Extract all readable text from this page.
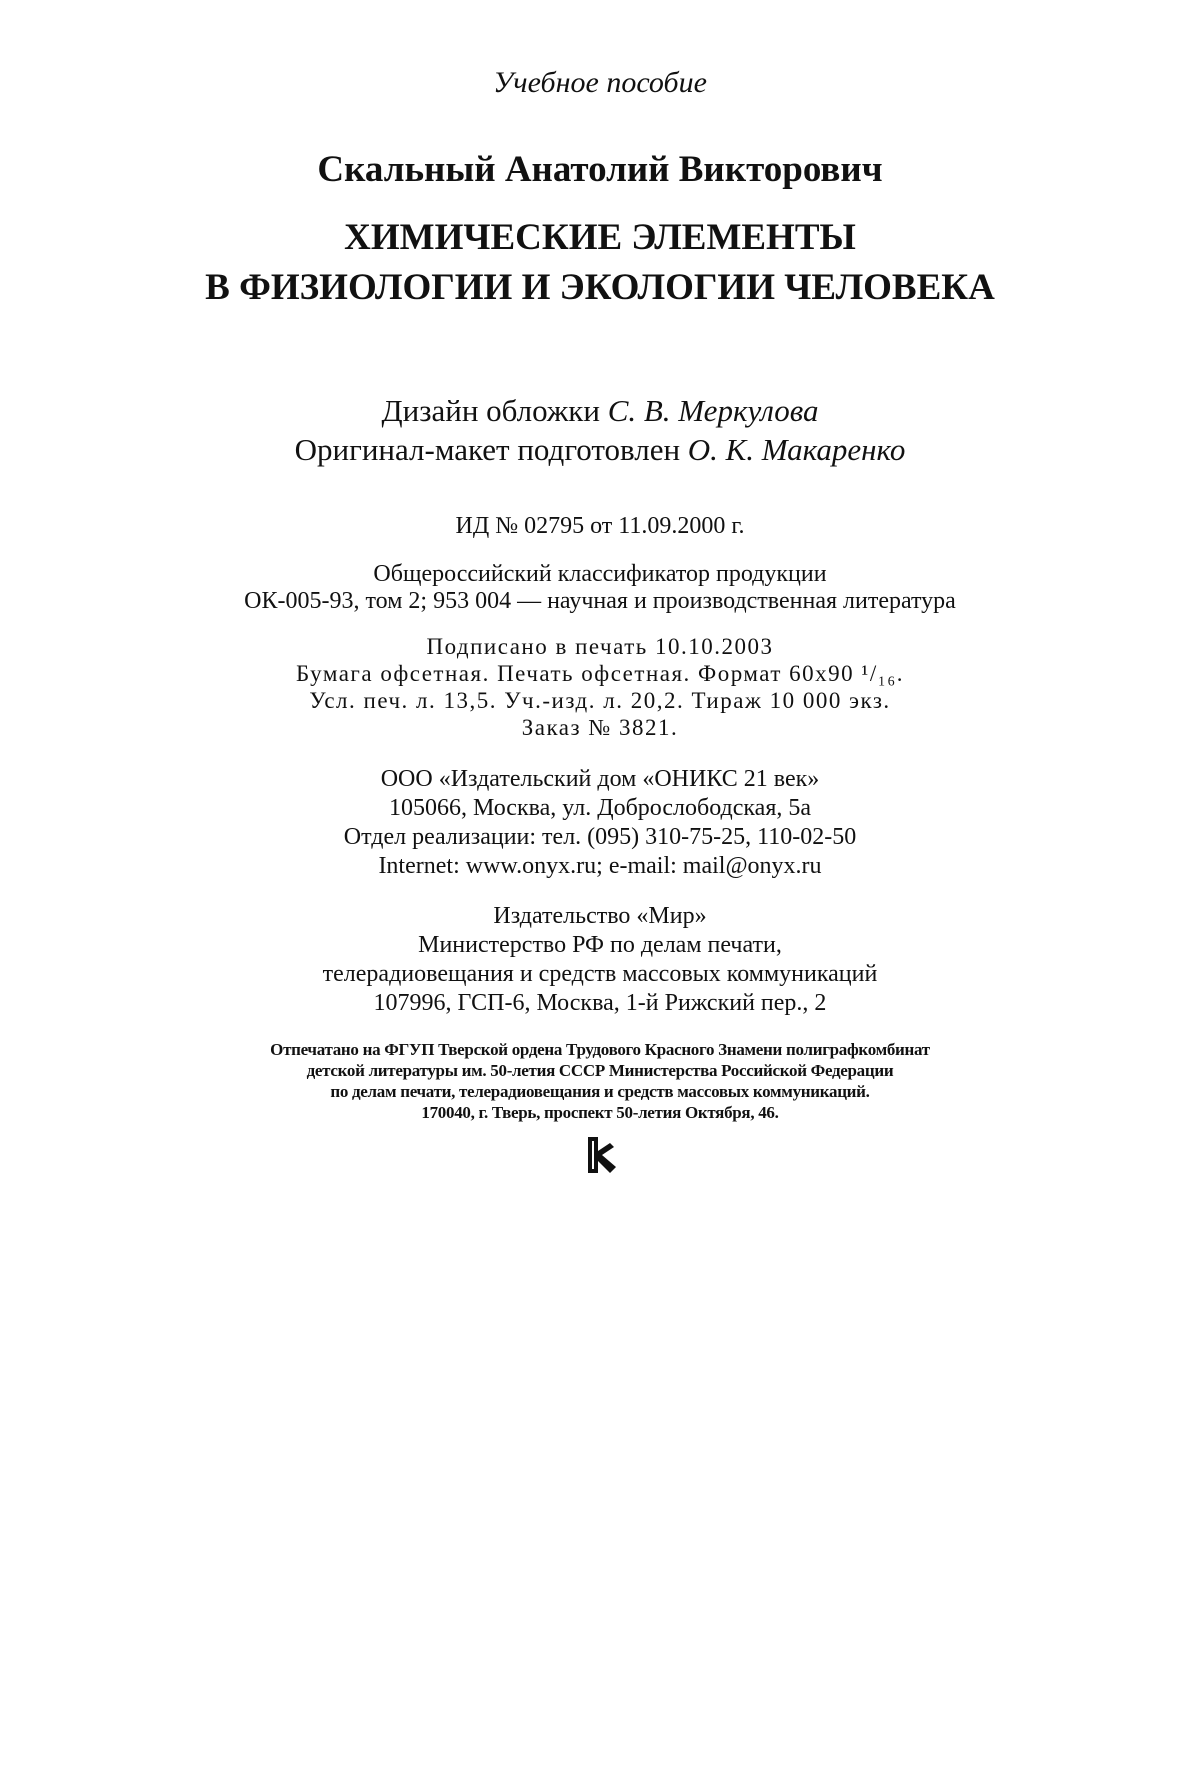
Учебное пособие
Скальный Анатолий Викторович
ХИМИЧЕСКИЕ ЭЛЕМЕНТЫ
В ФИЗИОЛОГИИ И ЭКОЛОГИИ ЧЕЛОВЕКА
Дизайн обложки С. В. Меркулова
Оригинал-макет подготовлен О. К. Макаренко
ИД № 02795 от 11.09.2000 г.
Общероссийский классификатор продукции
ОК-005-93, том 2; 953 004 — научная и производственная литература
Подписано в печать 10.10.2003
Бумага офсетная. Печать офсетная. Формат 60x90 ¹/₁₆.
Усл. печ. л. 13,5. Уч.-изд. л. 20,2. Тираж 10 000 экз.
Заказ № 3821.
ООО «Издательский дом «ОНИКС 21 век»
105066, Москва, ул. Доброслободская, 5а
Отдел реализации: тел. (095) 310-75-25, 110-02-50
Internet: www.onyx.ru; e-mail: mail@onyx.ru
Издательство «Мир»
Министерство РФ по делам печати,
телерадиовещания и средств массовых коммуникаций
107996, ГСП-6, Москва, 1-й Рижский пер., 2
Отпечатано на ФГУП Тверской ордена Трудового Красного Знамени полиграфкомбинат
детской литературы им. 50-летия СССР Министерства Российской Федерации
по делам печати, телерадиовещания и средств массовых коммуникаций.
170040, г. Тверь, проспект 50-летия Октября, 46.
